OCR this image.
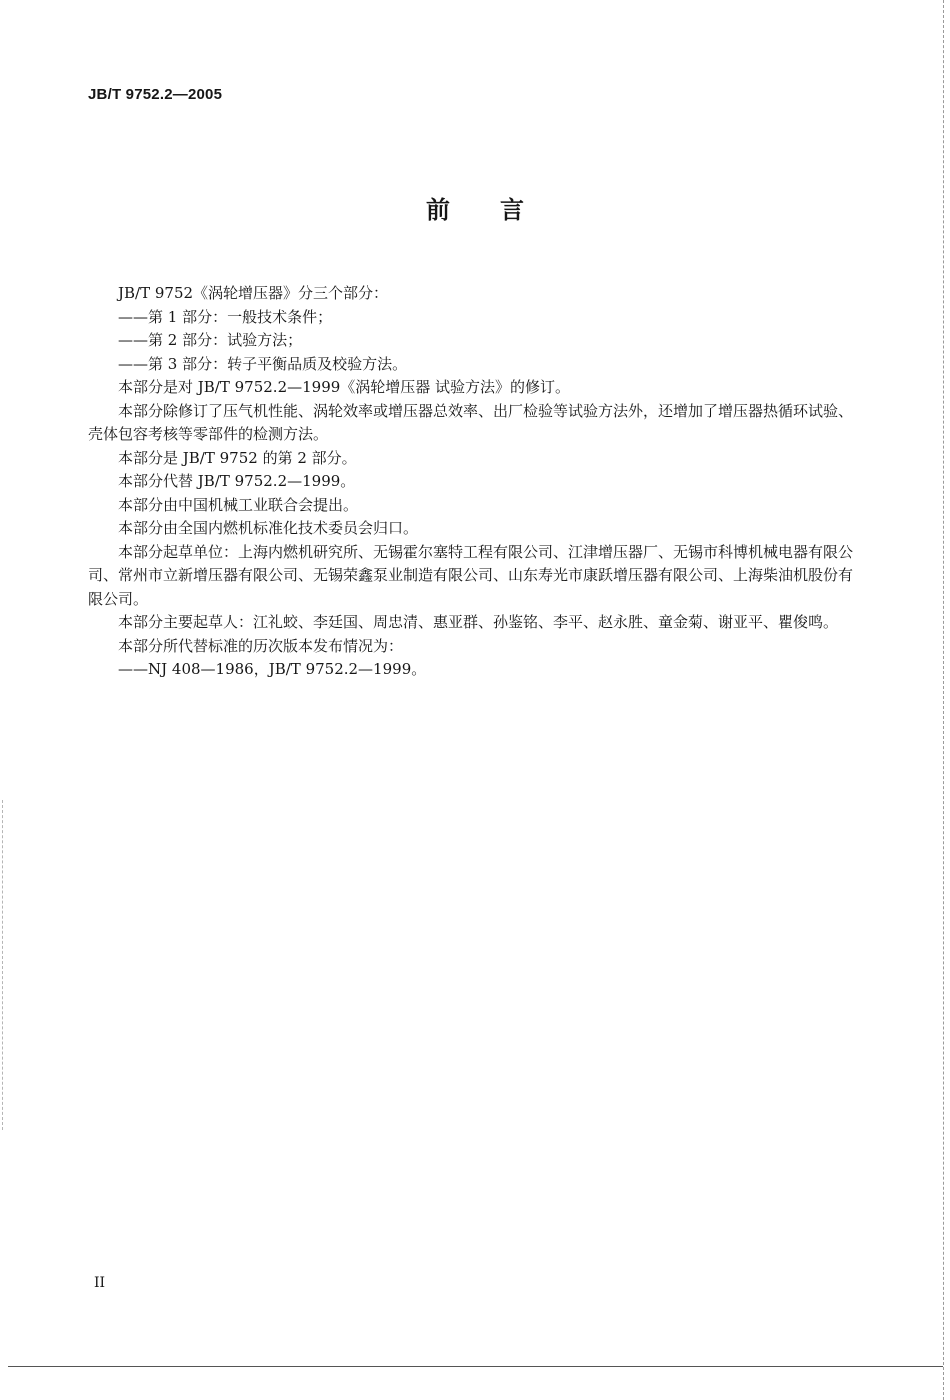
JB/T 9752.2—2005
前言

JB/T 9752《涡轮增压器》分三个部分：

——第 1 部分：一般技术条件；

——第 2 部分：试验方法；

——第 3 部分：转子平衡品质及校验方法。

本部分是对 JB/T 9752.2—1999《涡轮增压器 试验方法》的修订。

本部分除修订了压气机性能、涡轮效率或增压器总效率、出厂检验等试验方法外，还增加了增压器热循环试验、壳体包容考核等零部件的检测方法。

本部分是 JB/T 9752 的第 2 部分。

本部分代替 JB/T 9752.2—1999。

本部分由中国机械工业联合会提出。

本部分由全国内燃机标准化技术委员会归口。

本部分起草单位：上海内燃机研究所、无锡霍尔塞特工程有限公司、江津增压器厂、无锡市科博机械电器有限公司、常州市立新增压器有限公司、无锡荣鑫泵业制造有限公司、山东寿光市康跃增压器有限公司、上海柴油机股份有限公司。

本部分主要起草人：江礼蛟、李廷国、周忠清、惠亚群、孙鉴铭、李平、赵永胜、童金菊、谢亚平、瞿俊鸣。

本部分所代替标准的历次版本发布情况为：

——NJ 408—1986，JB/T 9752.2—1999。

II
